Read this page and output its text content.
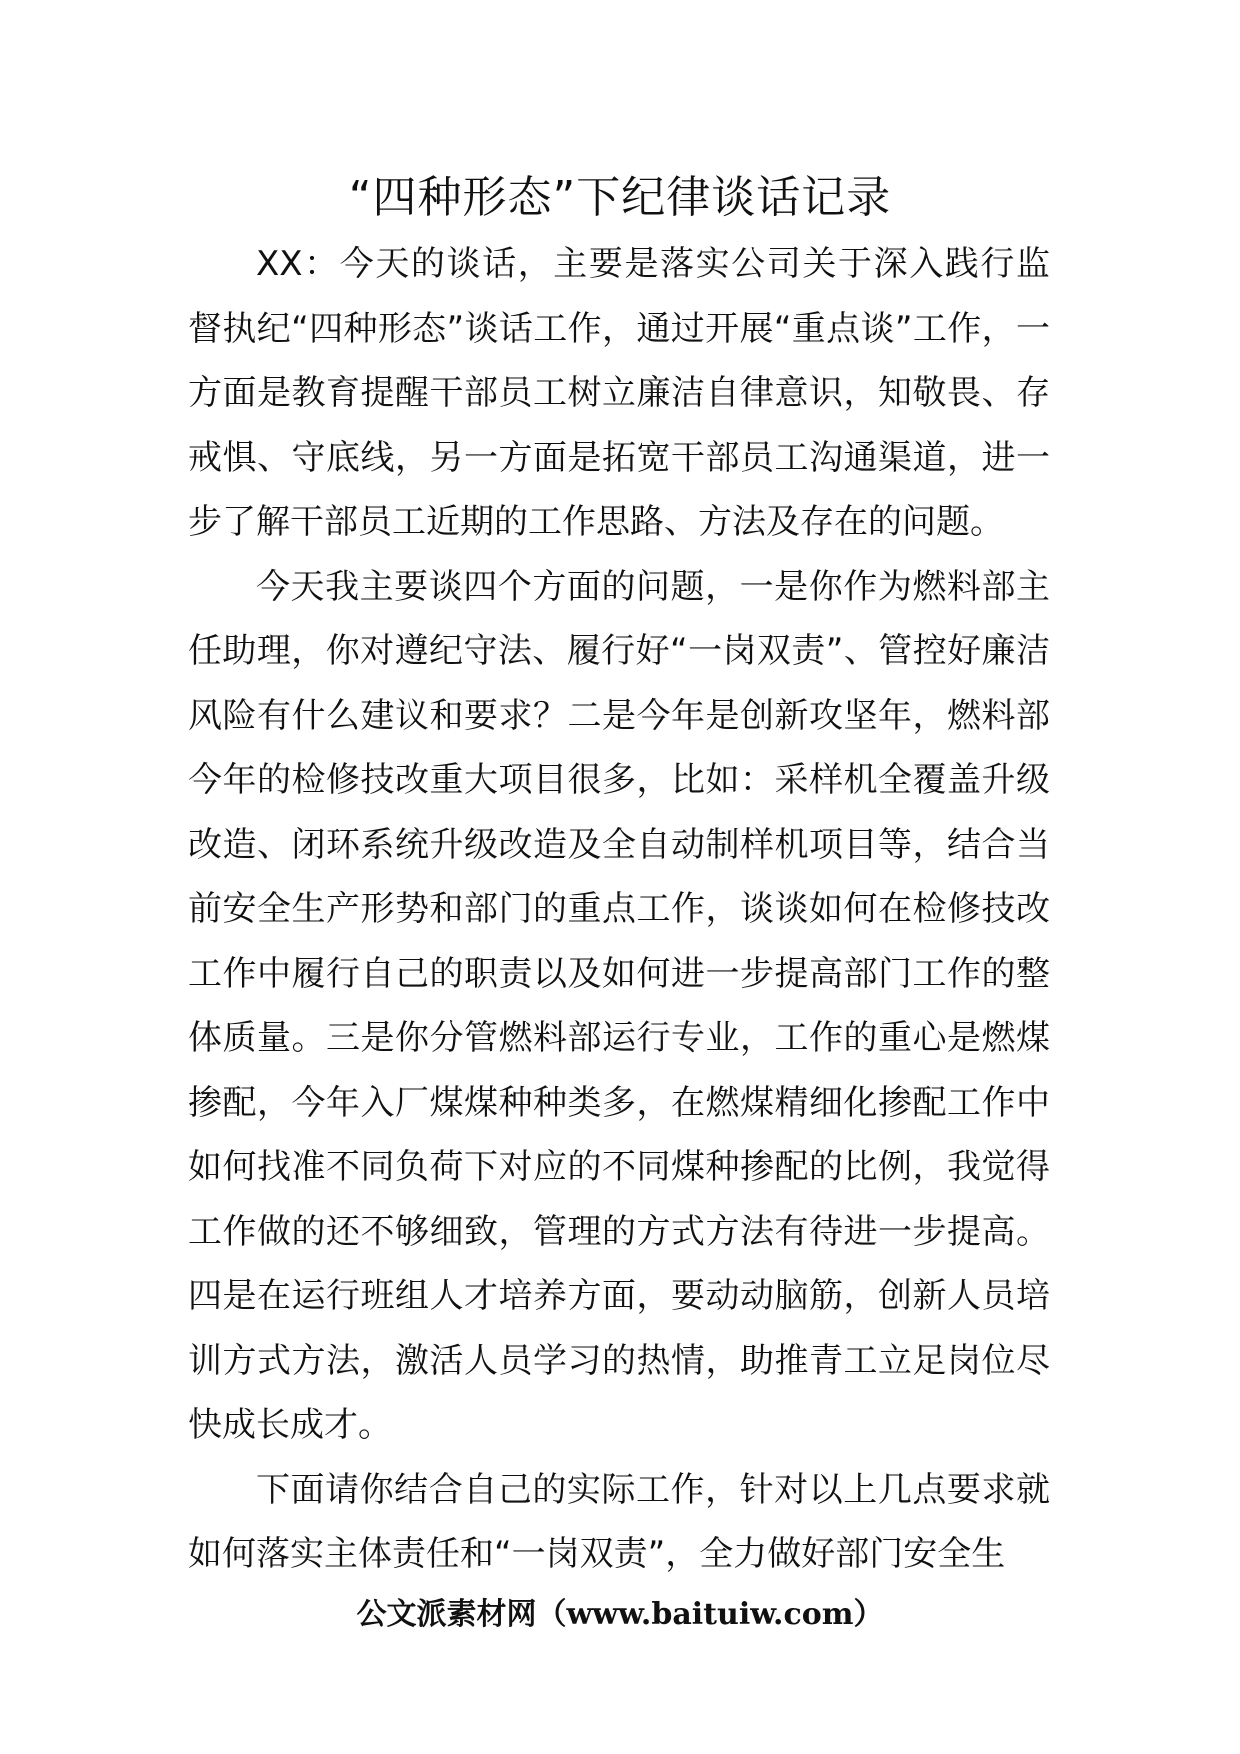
“四种形态”下纪律谈话记录

XX：今天的谈话，主要是落实公司关于深入践行监督执纪“四种形态”谈话工作，通过开展“重点谈”工作，一方面是教育提醒干部员工树立廉洁自律意识，知敬畏、存戒惧、守底线，另一方面是拓宽干部员工沟通渠道，进一步了解干部员工近期的工作思路、方法及存在的问题。

今天我主要谈四个方面的问题，一是你作为燃料部主任助理，你对遵纪守法、履行好“一岗双责”、管控好廉洁风险有什么建议和要求？二是今年是创新攻坚年，燃料部今年的检修技改重大项目很多，比如：采样机全覆盖升级改造、闭环系统升级改造及全自动制样机项目等，结合当前安全生产形势和部门的重点工作，谈谈如何在检修技改工作中履行自己的职责以及如何进一步提高部门工作的整体质量。三是你分管燃料部运行专业，工作的重心是燃煤掺配，今年入厂煤煤种种类多，在燃煤精细化掺配工作中如何找准不同负荷下对应的不同煤种掺配的比例，我觉得工作做的还不够细致，管理的方式方法有待进一步提高。四是在运行班组人才培养方面，要动动脑筋，创新人员培训方式方法，激活人员学习的热情，助推青工立足岗位尽快成长成才。

下面请你结合自己的实际工作，针对以上几点要求就如何落实主体责任和“一岗双责”，全力做好部门安全生

公文派素材网（www.baituiw.com）
